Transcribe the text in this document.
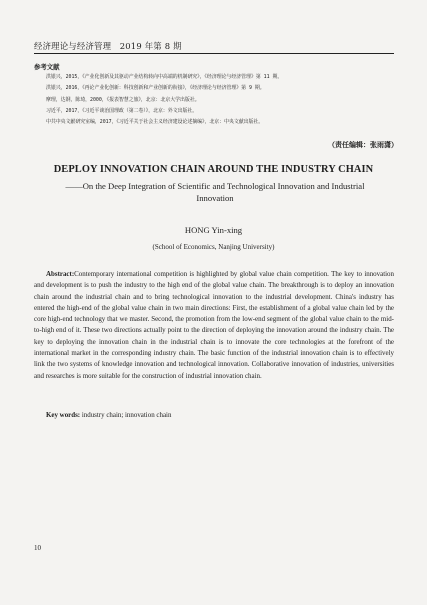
经济理论与经济管理　2019 年第 8 期
参考文献
洪银兴，2015，《产业化创新及其驱动产业结构转向中高端的机制研究》，《经济理论与经济管理》第 11 期。
洪银兴，2016，《再论产业化创新：科技创新和产业创新的衔接》，《经济理论与经济管理》第 9 期。
摩理，达钢，陈琦，2000，《报表智慧之旅》，北京：北京大学出版社。
习近平，2017，《习近平谈治国理政（第二卷）》，北京：外文出版社。
中共中央文献研究室编，2017，《习近平关于社会主义经济建设论述摘编》，北京：中央文献出版社。
（责任编辑：张雨潇）
DEPLOY INNOVATION CHAIN AROUND THE INDUSTRY CHAIN
——On the Deep Integration of Scientific and Technological Innovation and Industrial Innovation
HONG Yin-xing
(School of Economics, Nanjing University)
Abstract:Contemporary international competition is highlighted by global value chain competition. The key to innovation and development is to push the industry to the high end of the global value chain. The breakthrough is to deploy an innovation chain around the industrial chain and to bring technological innovation to the industrial development. China's industry has entered the high-end of the global value chain in two main directions: First, the establishment of a global value chain led by the core high-end technology that we master. Second, the promotion from the low-end segment of the global value chain to the mid-to-high end of it. These two directions actually point to the direction of deploying the innovation around the industry chain. The key to deploying the innovation chain in the industrial chain is to innovate the core technologies at the forefront of the international market in the corresponding industry chain. The basic function of the industrial innovation chain is to effectively link the two systems of knowledge innovation and technological innovation. Collaborative innovation of industries, universities and researches is more suitable for the construction of industrial innovation chain.
Key words: industry chain; innovation chain
10
